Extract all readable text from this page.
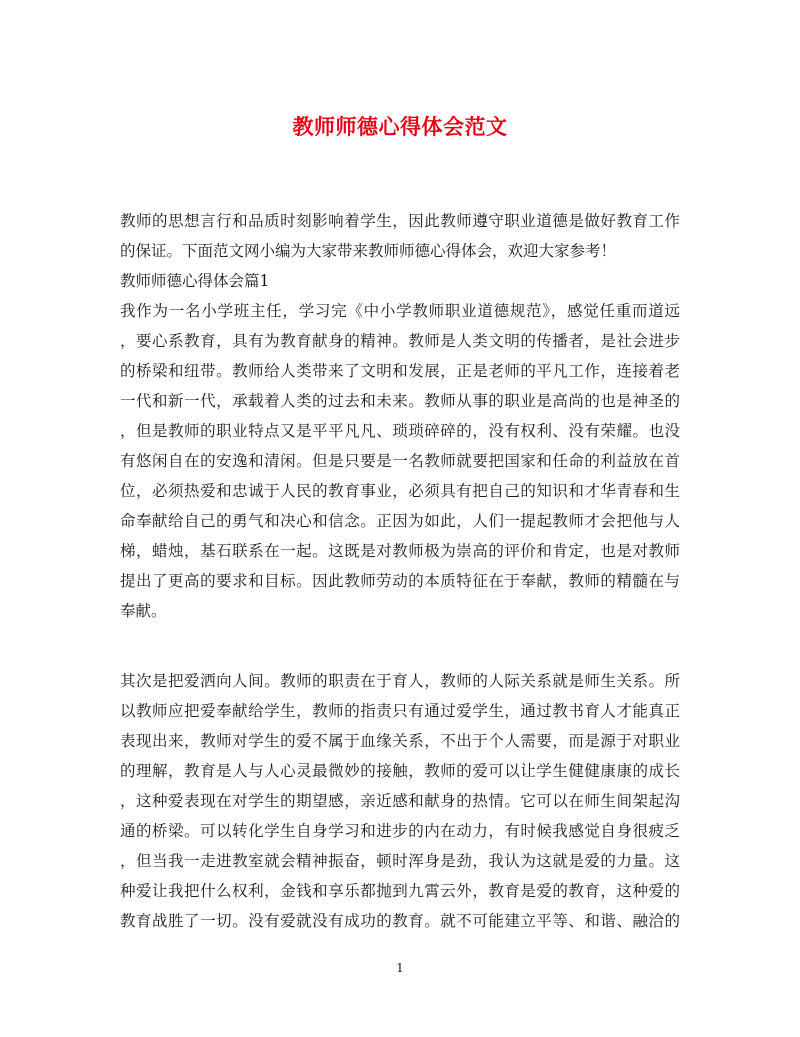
教师师德心得体会范文
教师的思想言行和品质时刻影响着学生，因此教师遵守职业道德是做好教育工作
的保证。下面范文网小编为大家带来教师师德心得体会，欢迎大家参考！
教师师德心得体会篇1
我作为一名小学班主任，学习完《中小学教师职业道德规范》，感觉任重而道远
，要心系教育，具有为教育献身的精神。教师是人类文明的传播者，是社会进步
的桥梁和纽带。教师给人类带来了文明和发展，正是老师的平凡工作，连接着老
一代和新一代，承载着人类的过去和未来。教师从事的职业是高尚的也是神圣的
，但是教师的职业特点又是平平凡凡、琐琐碎碎的，没有权利、没有荣耀。也没
有悠闲自在的安逸和清闲。但是只要是一名教师就要把国家和任命的利益放在首
位，必须热爱和忠诚于人民的教育事业，必须具有把自己的知识和才华青春和生
命奉献给自己的勇气和决心和信念。正因为如此，人们一提起教师才会把他与人
梯，蜡烛，基石联系在一起。这既是对教师极为崇高的评价和肯定，也是对教师
提出了更高的要求和目标。因此教师劳动的本质特征在于奉献，教师的精髓在与
奉献。
其次是把爱洒向人间。教师的职责在于育人，教师的人际关系就是师生关系。所
以教师应把爱奉献给学生，教师的指责只有通过爱学生，通过教书育人才能真正
表现出来，教师对学生的爱不属于血缘关系，不出于个人需要，而是源于对职业
的理解，教育是人与人心灵最微妙的接触，教师的爱可以让学生健健康康的成长
，这种爱表现在对学生的期望感，亲近感和献身的热情。它可以在师生间架起沟
通的桥梁。可以转化学生自身学习和进步的内在动力，有时候我感觉自身很疲乏
，但当我一走进教室就会精神振奋，顿时浑身是劲，我认为这就是爱的力量。这
种爱让我把什么权利，金钱和享乐都抛到九霄云外，教育是爱的教育，这种爱的
教育战胜了一切。没有爱就没有成功的教育。就不可能建立平等、和谐、融洽的
1
